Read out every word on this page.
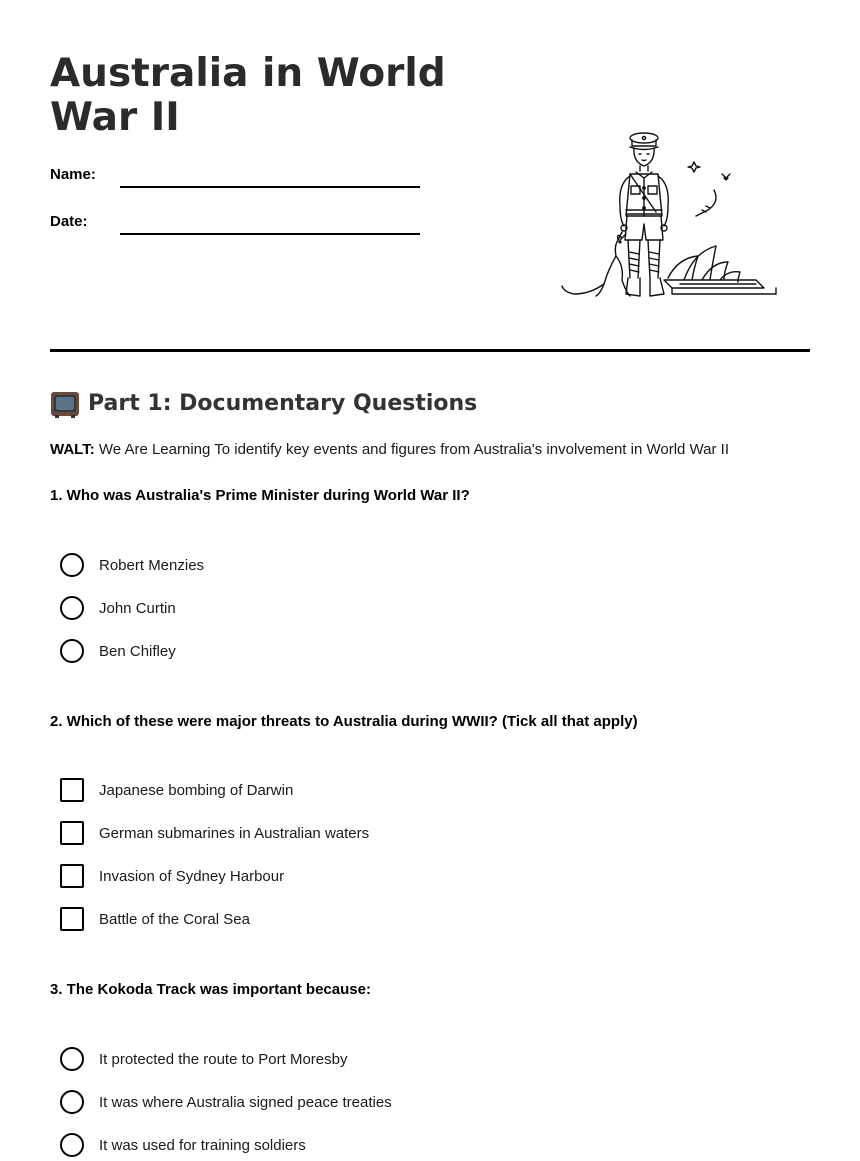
Australia in World War II
Name:
Date:
Part 1: Documentary Questions
WALT: We Are Learning To identify key events and figures from Australia's involvement in World War II
1. Who was Australia's Prime Minister during World War II?
Robert Menzies
John Curtin
Ben Chifley
2. Which of these were major threats to Australia during WWII? (Tick all that apply)
Japanese bombing of Darwin
German submarines in Australian waters
Invasion of Sydney Harbour
Battle of the Coral Sea
3. The Kokoda Track was important because:
It protected the route to Port Moresby
It was where Australia signed peace treaties
It was used for training soldiers
